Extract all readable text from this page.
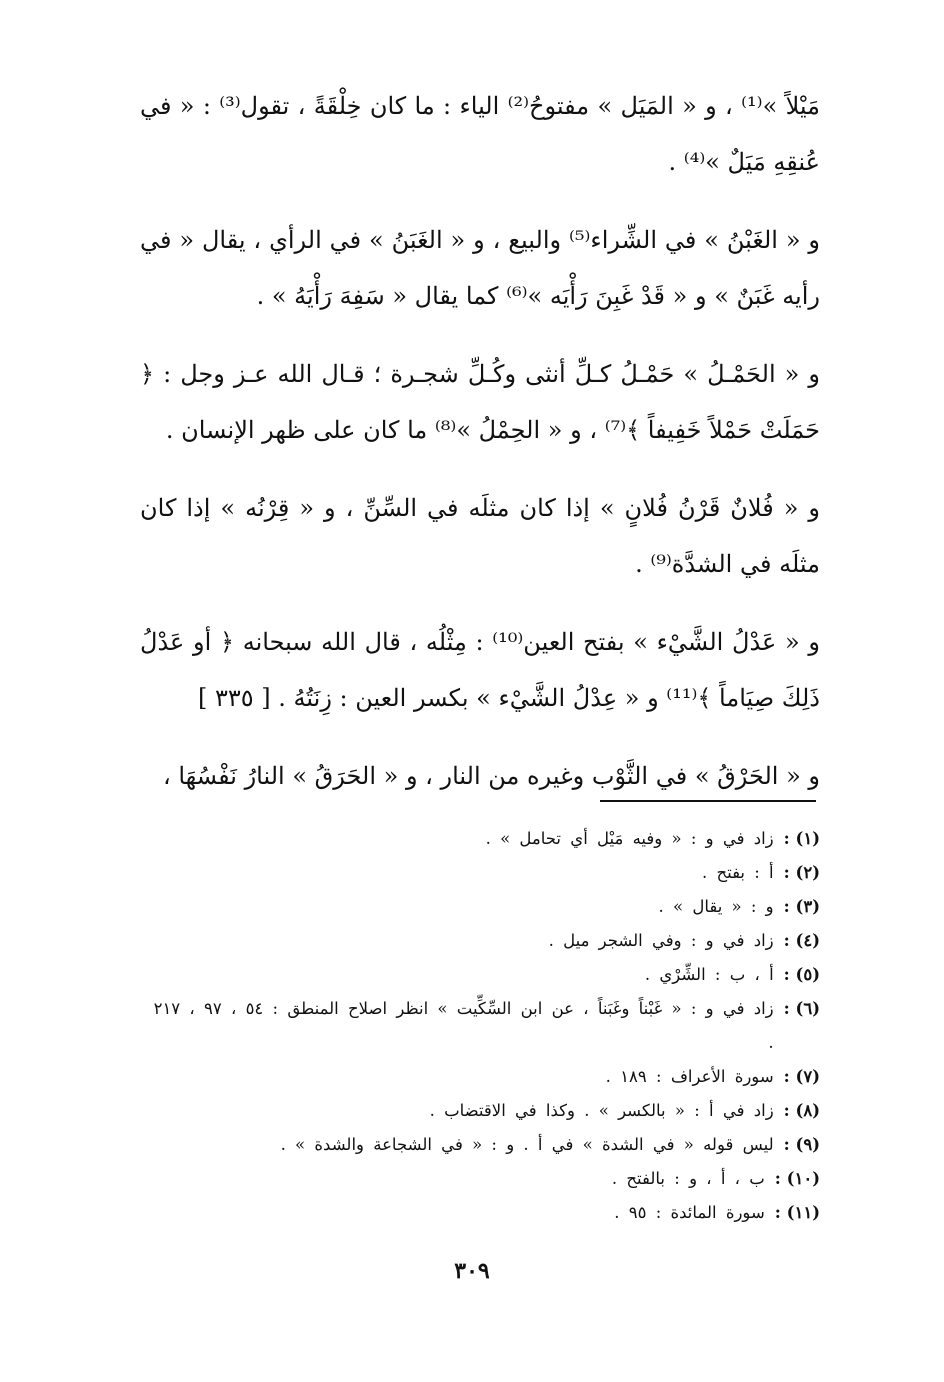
مَيْلاً »⁽¹⁾ ، و « المَيَل » مفتوحُ⁽²⁾ الياء : ما كان خِلْقَةً ، تقول⁽³⁾ : « في عُنقِهِ مَيَلٌ »⁽⁴⁾ .

و « الغَبْنُ » في الشِّراء⁽⁵⁾ والبيع ، و « الغَبَنُ » في الرأي ، يقال « في رأيه غَبَنٌ » و « قَدْ غَبِنَ رَأْيَه »⁽⁶⁾ كما يقال « سَفِهَ رَأْيَهُ » .

و « الحَمْـلُ » حَمْـلُ كـلِّ أنثى وكُـلِّ شجـرة ؛ قـال الله عـز وجل : ﴿ حَمَلَتْ حَمْلاً خَفِيفاً ﴾⁽⁷⁾ ، و « الحِمْلُ »⁽⁸⁾ ما كان على ظهر الإنسان .

و « فُلانٌ قَرْنُ فُلانٍ » إذا كان مثلَه في السِّنِّ ، و « قِرْنُه » إذا كان مثلَه في الشدَّة⁽⁹⁾ .

و « عَدْلُ الشَّيْء » بفتح العين⁽¹⁰⁾ : مِثْلُه ، قال الله سبحانه ﴿ أو عَدْلُ ذَلِكَ صِيَاماً ﴾⁽¹¹⁾ و « عِدْلُ الشَّيْء » بكسر العين : زِنَتُهُ . [ ٣٣٥ ]

و « الحَرْقُ » في الثَّوْب وغيره من النار ، و « الحَرَقُ » النارُ نَفْسُهَا ،

(١) :
زاد في و : « وفيه مَيْل أي تحامل » .
(٢) :
أ : بفتح .
(٣) :
و : « يقال » .
(٤) :
زاد في و : وفي الشجر ميل .
(٥) :
أ ، ب : الشِّرْي .
(٦) :
زاد في و : « غَبْناً وغَبَناً ، عن ابن السِّكِّيت » انظر اصلاح المنطق : ٥٤ ، ٩٧ ، ٢١٧ .
(٧) :
سورة الأعراف : ١٨٩ .
(٨) :
زاد في أ : « بالكسر » . وكذا في الاقتضاب .
(٩) :
ليس قوله « في الشدة » في أ . و : « في الشجاعة والشدة » .
(١٠) :
ب ، أ ، و : بالفتح .
(١١) :
سورة المائدة : ٩٥ .
٣٠٩
